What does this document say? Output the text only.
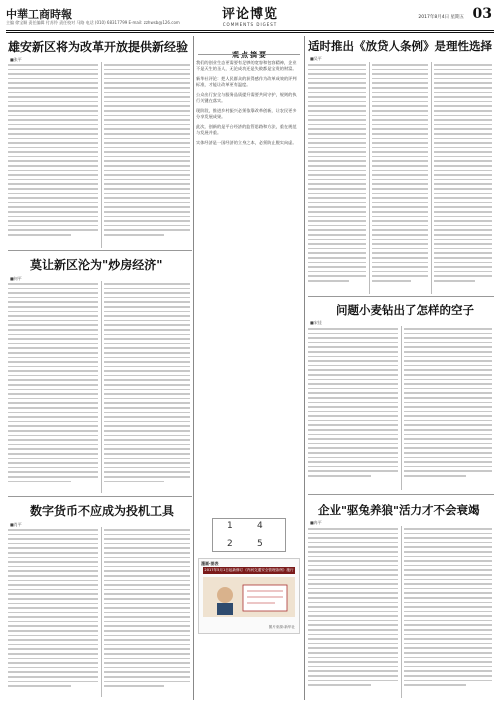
中華工商時報
主编 徐宝顺 责任编辑 付苏铃 责任校对 马路 电话 (010) 68317799 E-mail: zzhwsb@126.com
评论博览
COMMENTS DIGEST
2017年8月4日 星期五 03
雄安新区将为改革开放提供新经验
■张平
莫让新区沦为"炒房经济"
■何平
数字货币不应成为投机工具
■肖平
观点摘要

我们的创业生态更需要有足够的宽容和包容精神，企业不是天生的圣人，无论成功还是失败都是宝贵的财富。

新华社评论：把人民群众的获得感作为改革成效的评判标准，才能让改革更有温度。

公众出行安全与服务品质提升需要共同守护，规则的执行关键在落实。

现阶段，推进乡村振兴必须依靠改革创新，让农民更多分享发展成果。

此次，创新的是平台经济的监管思路和方法，重在规范与发展并重。

实体经济是一国经济的立身之本，必须防止脱实向虚。

1	4
2	5
漫画·图表
2017年5月1日起新修订《内河交通安全管理条例》施行
图片来源:新华社
适时推出《放贷人条例》是理性选择
■吴平
问题小麦钻出了怎样的空子
■宋佳
企业"驱兔养狼"活力才不会衰竭
■冉平
